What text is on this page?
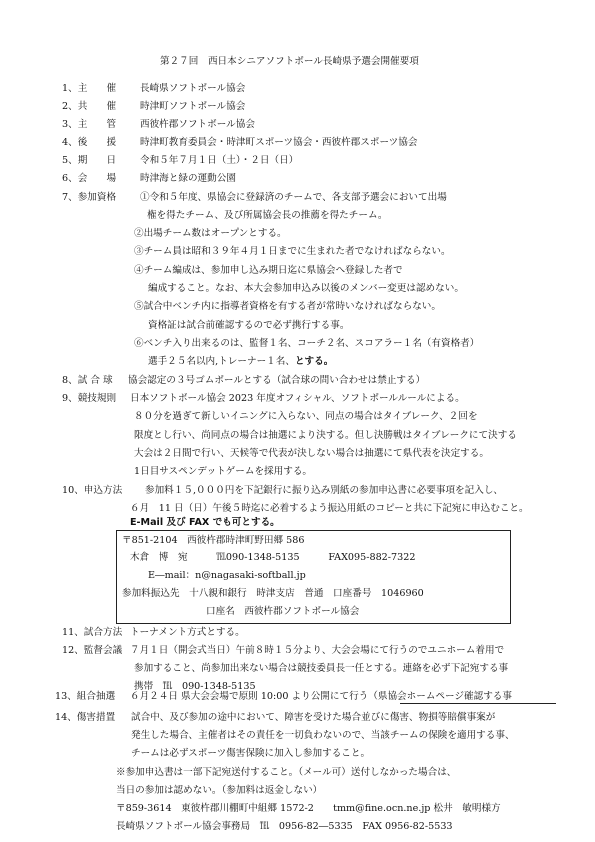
第２７回　西日本シニアソフトボール長崎県予選会開催要項
1、主　　催 長崎県ソフトボール協会
2、共　　催 時津町ソフトボール協会
3、主　　管 西彼杵郡ソフトボール協会
4、後　　援 時津町教育委員会・時津町スポーツ協会・西彼杵郡スポーツ協会
5、期　　日 令和５年７月１日（土）・２日（日）
6、会　　場 時津海と緑の運動公園
7、参加資格 ①令和５年度、県協会に登録済のチームで、各支部予選会において出場
権を得たチーム、及び所属協会長の推薦を得たチーム。
②出場チーム数はオープンとする。
③チーム員は昭和３９年４月１日までに生まれた者でなければならない。
④チーム編成は、参加申し込み期日迄に県協会へ登録した者で
編成すること。なお、本大会参加申込み以後のメンバー変更は認めない。
⑤試合中ベンチ内に指導者資格を有する者が常時いなければならない。
資格証は試合前確認するので必ず携行する事。
⑥ベンチ入り出来るのは、監督１名、コーチ２名、スコアラー１名（有資格者）
選手２５名以内,トレーナー１名、とする。
8、試 合 球 協会認定の３号ゴムボールとする（試合球の問い合わせは禁止する）
9、競技規則 日本ソフトボール協会 2023 年度オフィシャル、ソフトボールルールによる。
８０分を過ぎて新しいイニングに入らない、同点の場合はタイブレーク、２回を
限度とし行い、尚同点の場合は抽選により決する。但し決勝戦はタイブレークにて決する
大会は２日間で行い、天候等で代表が決しない場合は抽選にて県代表を決定する。
1日目サスペンデットゲームを採用する。
10、申込方法 参加料１５,０００円を下記銀行に振り込み別紙の参加申込書に必要事項を記入し、
６月　11 日（日）午後５時迄に必着するよう振込用紙のコピーと共に下記宛に申込むこと。
E-Mail 及び FAX でも可とする。
〒851-2104　西彼杵郡時津町野田郷 586
木倉　博　宛　　　℡090-1348-5135　　　FAX095-882-7322
E―mail：n@nagasaki-softball.jp
参加料振込先　十八親和銀行　時津支店　普通　口座番号　1046960
口座名　西彼杵郡ソフトボール協会
11、試合方法 トーナメント方式とする。
12、監督会議 ７月１日（開会式当日）午前８時１５分より、大会会場にて行うのでユニホーム着用で
参加すること、尚参加出来ない場合は競技委員長一任とする。連絡を必ず下記宛する事
携帯　℡　090-1348-5135
13、組合抽選 ６月２４日 県大会会場で原則 10:00 より公開にて行う（県協会ホームページ確認する事
14、傷害措置 試合中、及び参加の途中において、障害を受けた場合並びに傷害、物損等賠償事案が
発生した場合、主催者はその責任を一切負わないので、当該チームの保険を適用する事、
チームは必ずスポーツ傷害保険に加入し参加すること。
※参加申込書は一部下記宛送付すること。（メール可）送付しなかった場合は、
当日の参加は認めない。（参加料は返金しない）
〒859-3614　東彼杵郡川棚町中組郷 1572-2　　tmm@fine.ocn.ne.jp 松井　敏明様方
長崎県ソフトボール協会事務局　℡　0956-82―5335　FAX 0956-82-5533
